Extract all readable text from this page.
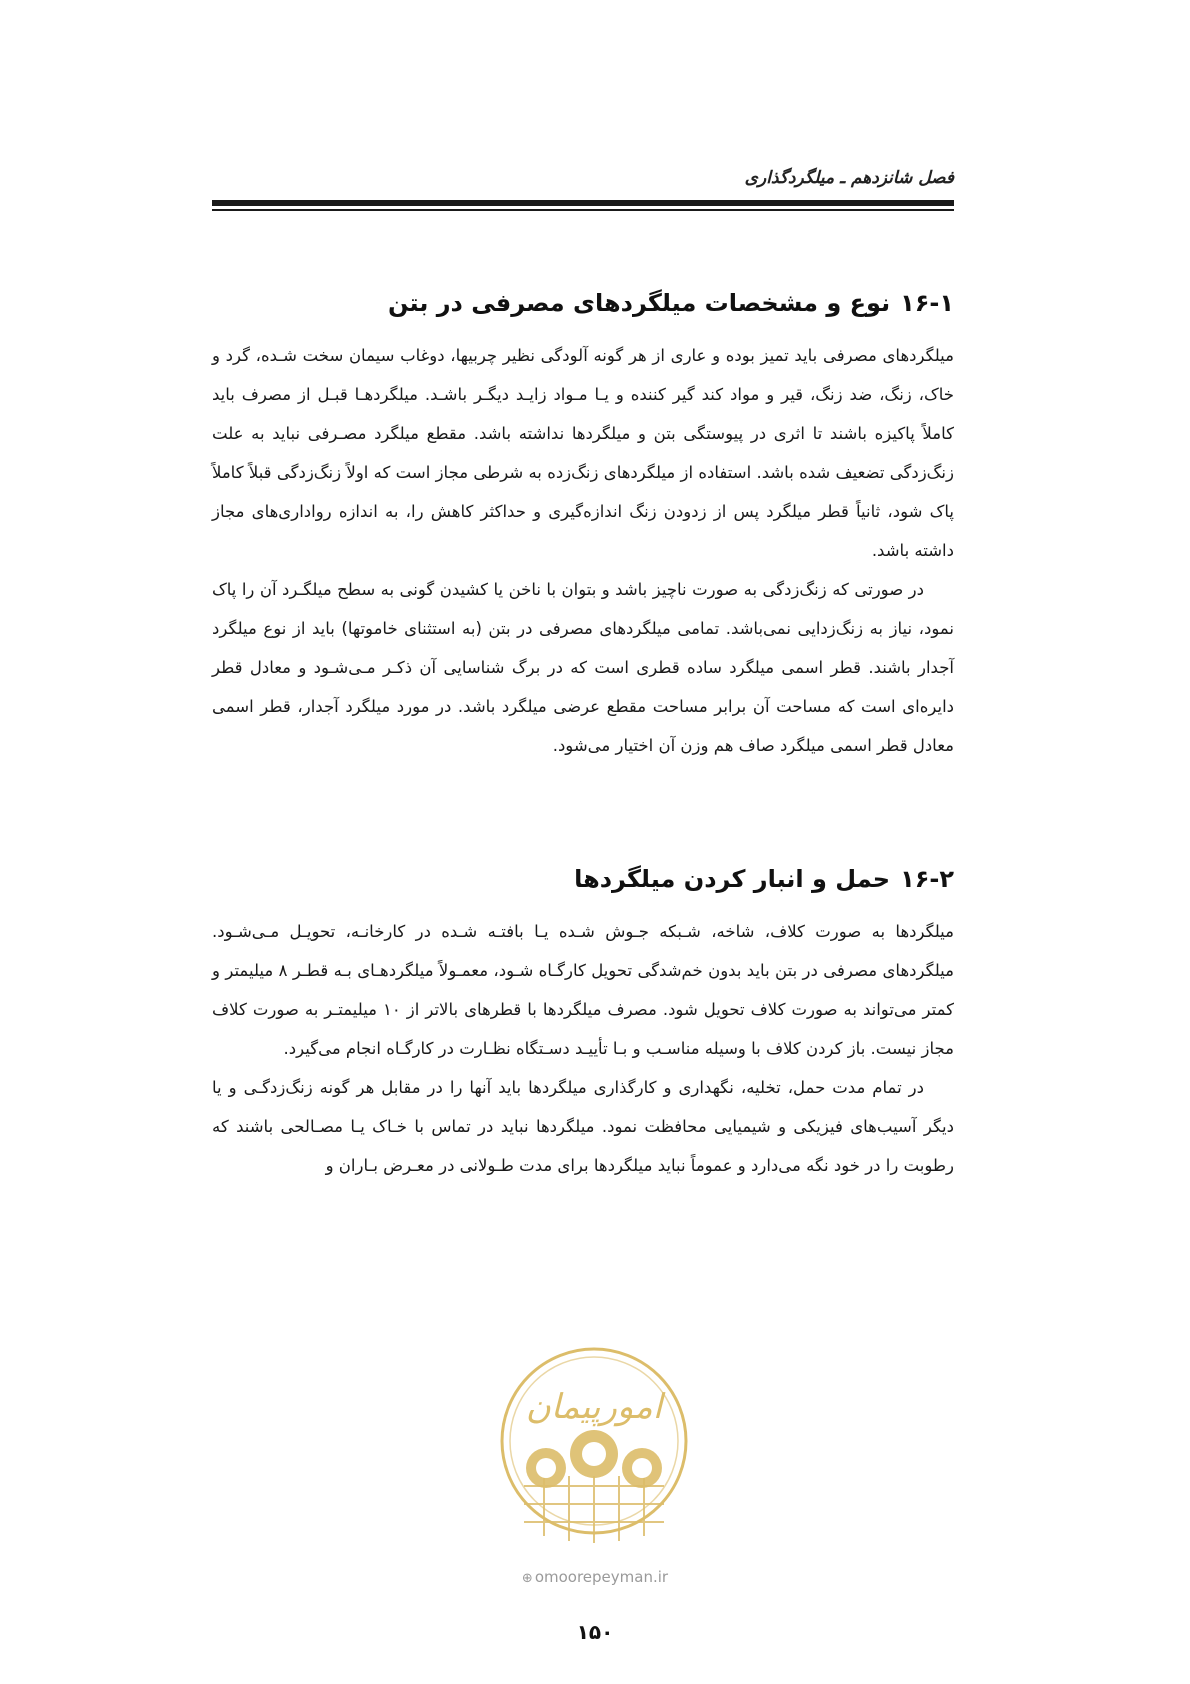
فصل شانزدهم ـ میلگردگذاری
۱۶-۱نوع و مشخصات میلگردهای مصرفی در بتن

میلگردهای مصرفی باید تمیز بوده و عاری از هر گونه آلودگی نظیر چربیها، دوغاب سیمان سخت شـده، گرد و خاک، زنگ، ضد زنگ، قیر و مواد کند گیر کننده و یـا مـواد زایـد دیگـر باشـد. میلگردهـا قبـل از مصرف باید کاملاً پاکیزه باشند تا اثری در پیوستگی بتن و میلگردها نداشته باشد. مقطع میلگرد مصـرفی نباید به علت زنگ‌زدگی تضعیف شده باشد. استفاده از میلگردهای زنگ‌زده به شرطی مجاز است که اولاً زنگ‌زدگی قبلاً کاملاً پاک شود، ثانیاً قطر میلگرد پس از زدودن زنگ اندازه‌گیری و حداکثر کاهش را، به اندازه رواداری‌های مجاز داشته باشد.

در صورتی که زنگ‌زدگی به صورت ناچیز باشد و بتوان با ناخن یا کشیدن گونی به سطح میلگـرد آن را پاک نمود، نیاز به زنگ‌زدایی نمی‌باشد. تمامی میلگردهای مصرفی در بتن (به استثنای خاموتها) باید از نوع میلگرد آجدار باشند. قطر اسمی میلگرد ساده قطری است که در برگ شناسایی آن ذکـر مـی‌شـود و معادل قطر دایره‌ای است که مساحت آن برابر مساحت مقطع عرضی میلگرد باشد. در مورد میلگرد آجدار، قطر اسمی معادل قطر اسمی میلگرد صاف هم وزن آن اختیار می‌شود.

۱۶-۲حمل و انبار کردن میلگردها

میلگردها به صورت کلاف، شاخه، شـبکه جـوش شـده یـا بافتـه شـده در کارخانـه، تحویـل مـی‌شـود. میلگردهای مصرفی در بتن باید بدون خم‌شدگی تحویل کارگـاه شـود، معمـولاً میلگردهـای بـه قطـر ۸ میلیمتر و کمتر می‌تواند به صورت کلاف تحویل شود. مصرف میلگردها با قطرهای بالاتر از ۱۰ میلیمتـر به صورت کلاف مجاز نیست. باز کردن کلاف با وسیله مناسـب و بـا تأییـد دسـتگاه نظـارت در کارگـاه انجام می‌گیرد.

در تمام مدت حمل، تخلیه، نگهداری و کارگذاری میلگردها باید آنها را در مقابل هر گونه زنگ‌زدگـی و یا دیگر آسیب‌های فیزیکی و شیمیایی محافظت نمود. میلگردها نباید در تماس با خـاک یـا مصـالحی باشند که رطوبت را در خود نگه می‌دارد و عموماً نباید میلگردها برای مدت طـولانی در معـرض بـاران و

امورپیمان
⊕ omoorepeyman.ir
۱۵۰
